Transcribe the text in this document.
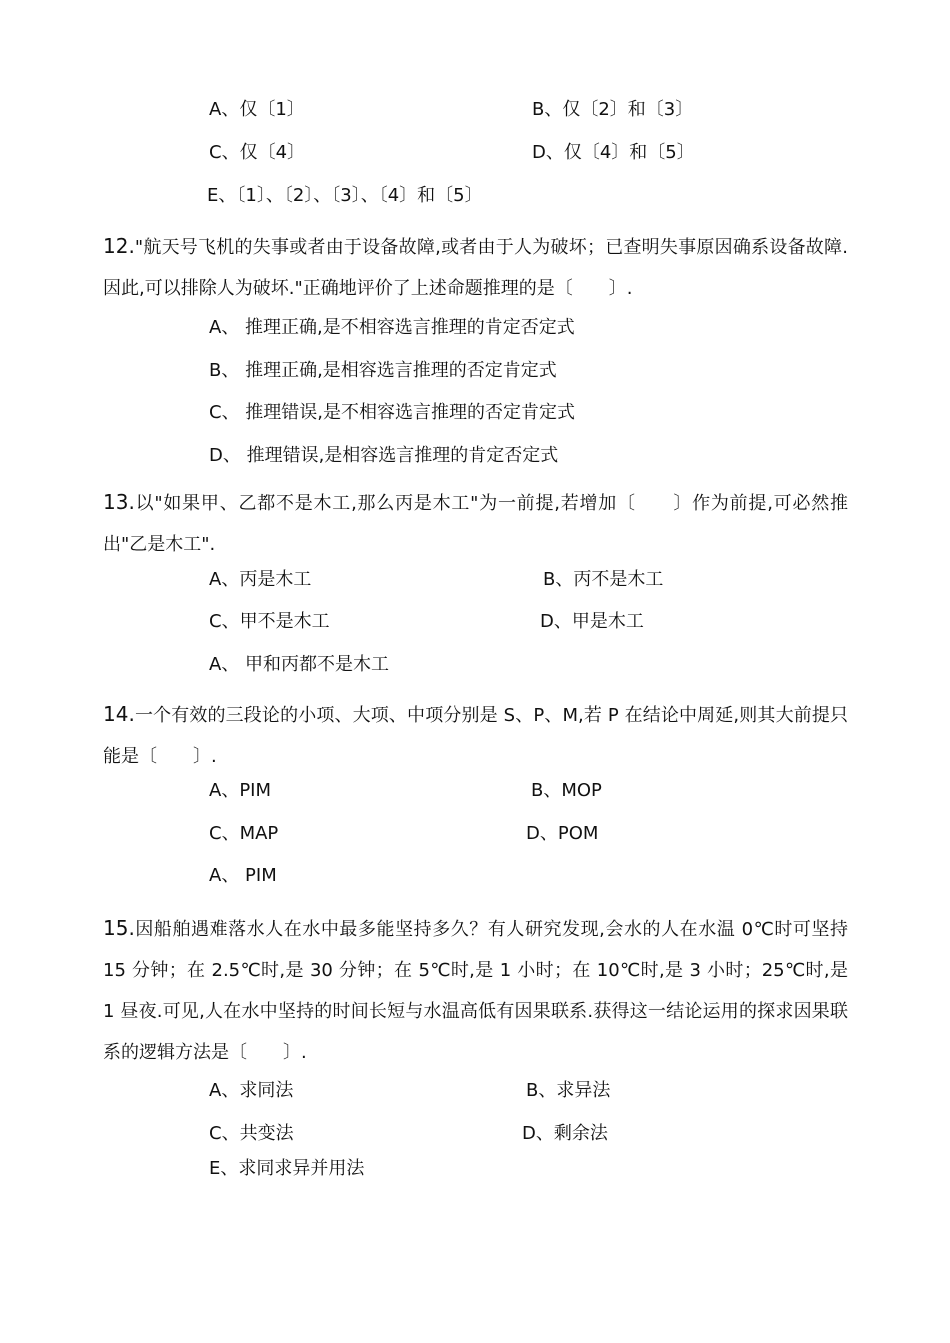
A、仅〔1〕	B、仅〔2〕和〔3〕
C、仅〔4〕	D、仅〔4〕和〔5〕
E、〔1〕、〔2〕、〔3〕、〔4〕和〔5〕
12."航天号飞机的失事或者由于设备故障,或者由于人为破坏；已查明失事原因确系设备故障.因此,可以排除人为破坏."正确地评价了上述命题推理的是〔　　〕.
A、 推理正确,是不相容选言推理的肯定否定式
B、 推理正确,是相容选言推理的否定肯定式
C、 推理错误,是不相容选言推理的否定肯定式
D、 推理错误,是相容选言推理的肯定否定式
13.以"如果甲、乙都不是木工,那么丙是木工"为一前提,若增加〔　　〕作为前提,可必然推出"乙是木工".
A、丙是木工	B、丙不是木工
C、甲不是木工	D、甲是木工
A、 甲和丙都不是木工
14.一个有效的三段论的小项、大项、中项分别是 S、P、M,若 P 在结论中周延,则其大前提只能是〔　　〕.
A、PIM	B、MOP
C、MAP	D、POM
A、 PIM
15.因船舶遇难落水人在水中最多能坚持多久？有人研究发现,会水的人在水温 0℃时可坚持 15 分钟；在 2.5℃时,是 30 分钟；在 5℃时,是 1 小时；在 10℃时,是 3 小时；25℃时,是 1 昼夜.可见,人在水中坚持的时间长短与水温高低有因果联系.获得这一结论运用的探求因果联系的逻辑方法是〔　　〕.
A、求同法	B、求异法
C、共变法	D、剩余法
E、求同求异并用法
